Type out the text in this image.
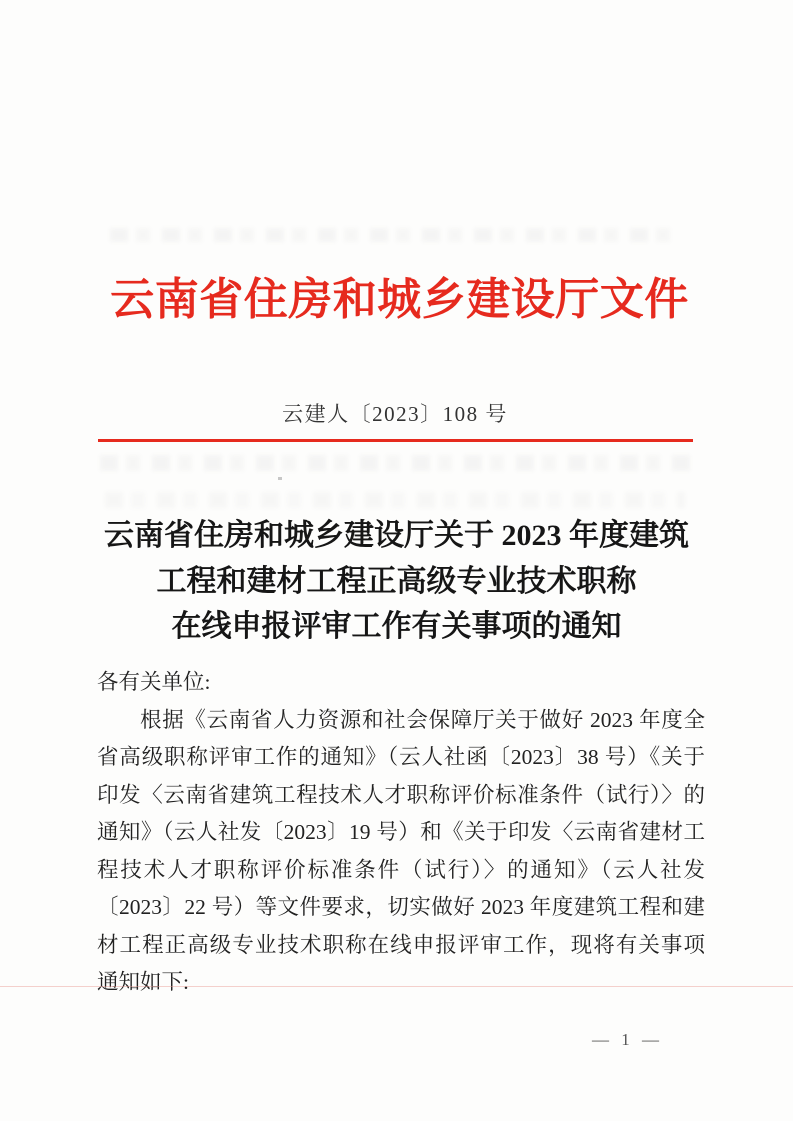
云南省住房和城乡建设厅文件
云建人〔2023〕108 号
云南省住房和城乡建设厅关于 2023 年度建筑
工程和建材工程正高级专业技术职称
在线申报评审工作有关事项的通知
各有关单位:
根据《云南省人力资源和社会保障厅关于做好 2023 年度全
省高级职称评审工作的通知》（云人社函〔2023〕38 号）《关于
印发〈云南省建筑工程技术人才职称评价标准条件（试行）〉的
通知》（云人社发〔2023〕19 号）和《关于印发〈云南省建材工
程技术人才职称评价标准条件（试行）〉的通知》（云人社发
〔2023〕22 号）等文件要求，切实做好 2023 年度建筑工程和建
材工程正高级专业技术职称在线申报评审工作，现将有关事项
通知如下:
— 1 —
